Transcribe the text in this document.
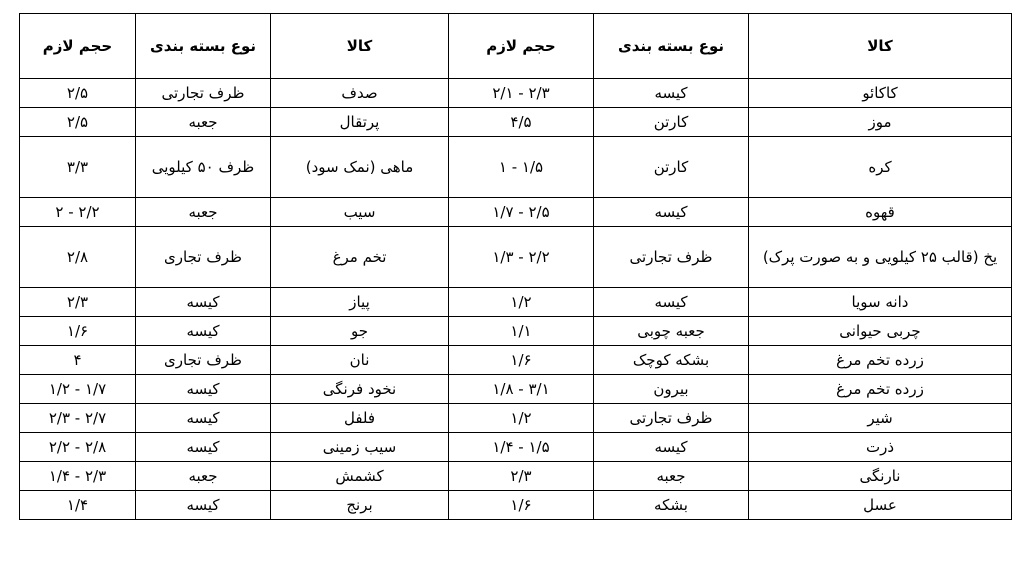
کالا	نوع بسته بندی	حجم لازم	کالا	نوع بسته بندی	حجم لازم
کاکائو	کیسه	۲/۳ - ۲/۱	صدف	ظرف تجارتی	۲/۵
موز	کارتن	۴/۵	پرتقال	جعبه	۲/۵
کره	کارتن	۱/۵ - ۱	ماهی (نمک سود)	ظرف ۵۰ کیلویی	۳/۳
قهوه	کیسه	۲/۵ - ۱/۷	سیب	جعبه	۲/۲ - ۲
یخ (قالب ۲۵ کیلویی و به صورت پرک)	ظرف تجارتی	۲/۲ - ۱/۳	تخم مرغ	ظرف تجاری	۲/۸
دانه سویا	کیسه	۱/۲	پیاز	کیسه	۲/۳
چربی حیوانی	جعبه چوبی	۱/۱	جو	کیسه	۱/۶
زرده تخم مرغ	بشکه کوچک	۱/۶	نان	ظرف تجاری	۴
زرده تخم مرغ	بیرون	۳/۱ - ۱/۸	نخود فرنگی	کیسه	۱/۷ - ۱/۲
شیر	ظرف تجارتی	۱/۲	فلفل	کیسه	۲/۷ - ۲/۳
ذرت	کیسه	۱/۵ - ۱/۴	سیب زمینی	کیسه	۲/۸ - ۲/۲
نارنگی	جعبه	۲/۳	کشمش	جعبه	۲/۳ - ۱/۴
عسل	بشکه	۱/۶	برنج	کیسه	۱/۴
